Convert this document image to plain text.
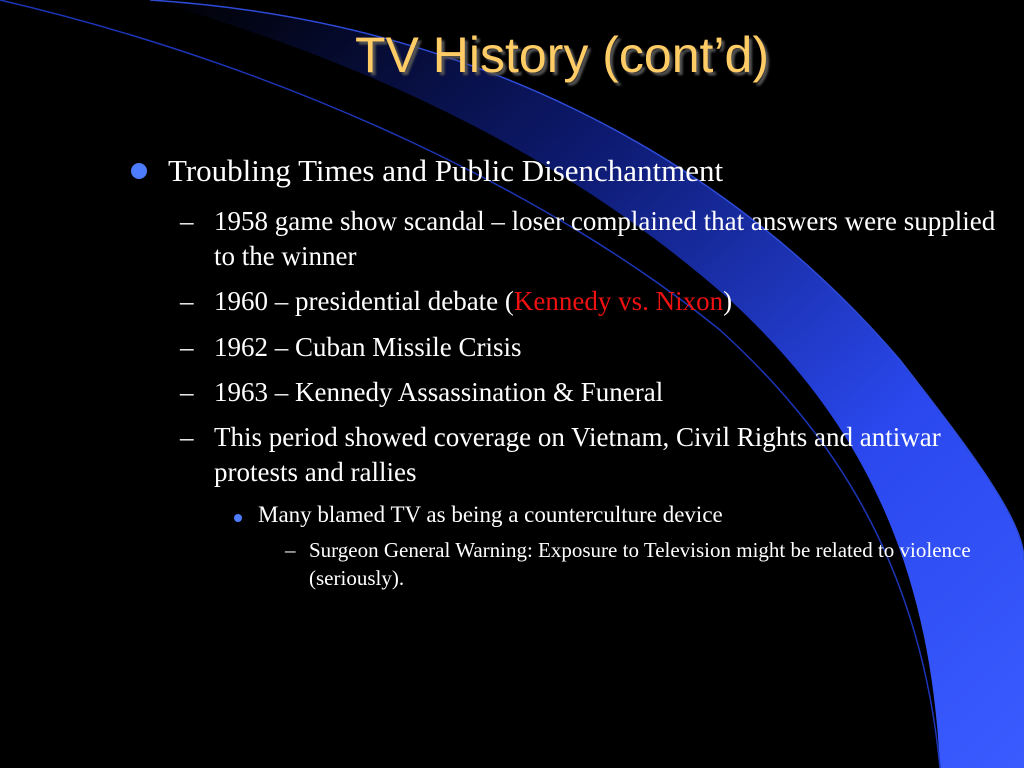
TV History (cont’d)
Troubling Times and Public Disenchantment
– 1958 game show scandal – loser complained that answers were supplied to the winner
– 1960 – presidential debate (Kennedy vs. Nixon)
– 1962 – Cuban Missile Crisis
– 1963 – Kennedy Assassination & Funeral
– This period showed coverage on Vietnam, Civil Rights and antiwar protests and rallies
Many blamed TV as being a counterculture device
– Surgeon General Warning: Exposure to Television might be related to violence (seriously).
